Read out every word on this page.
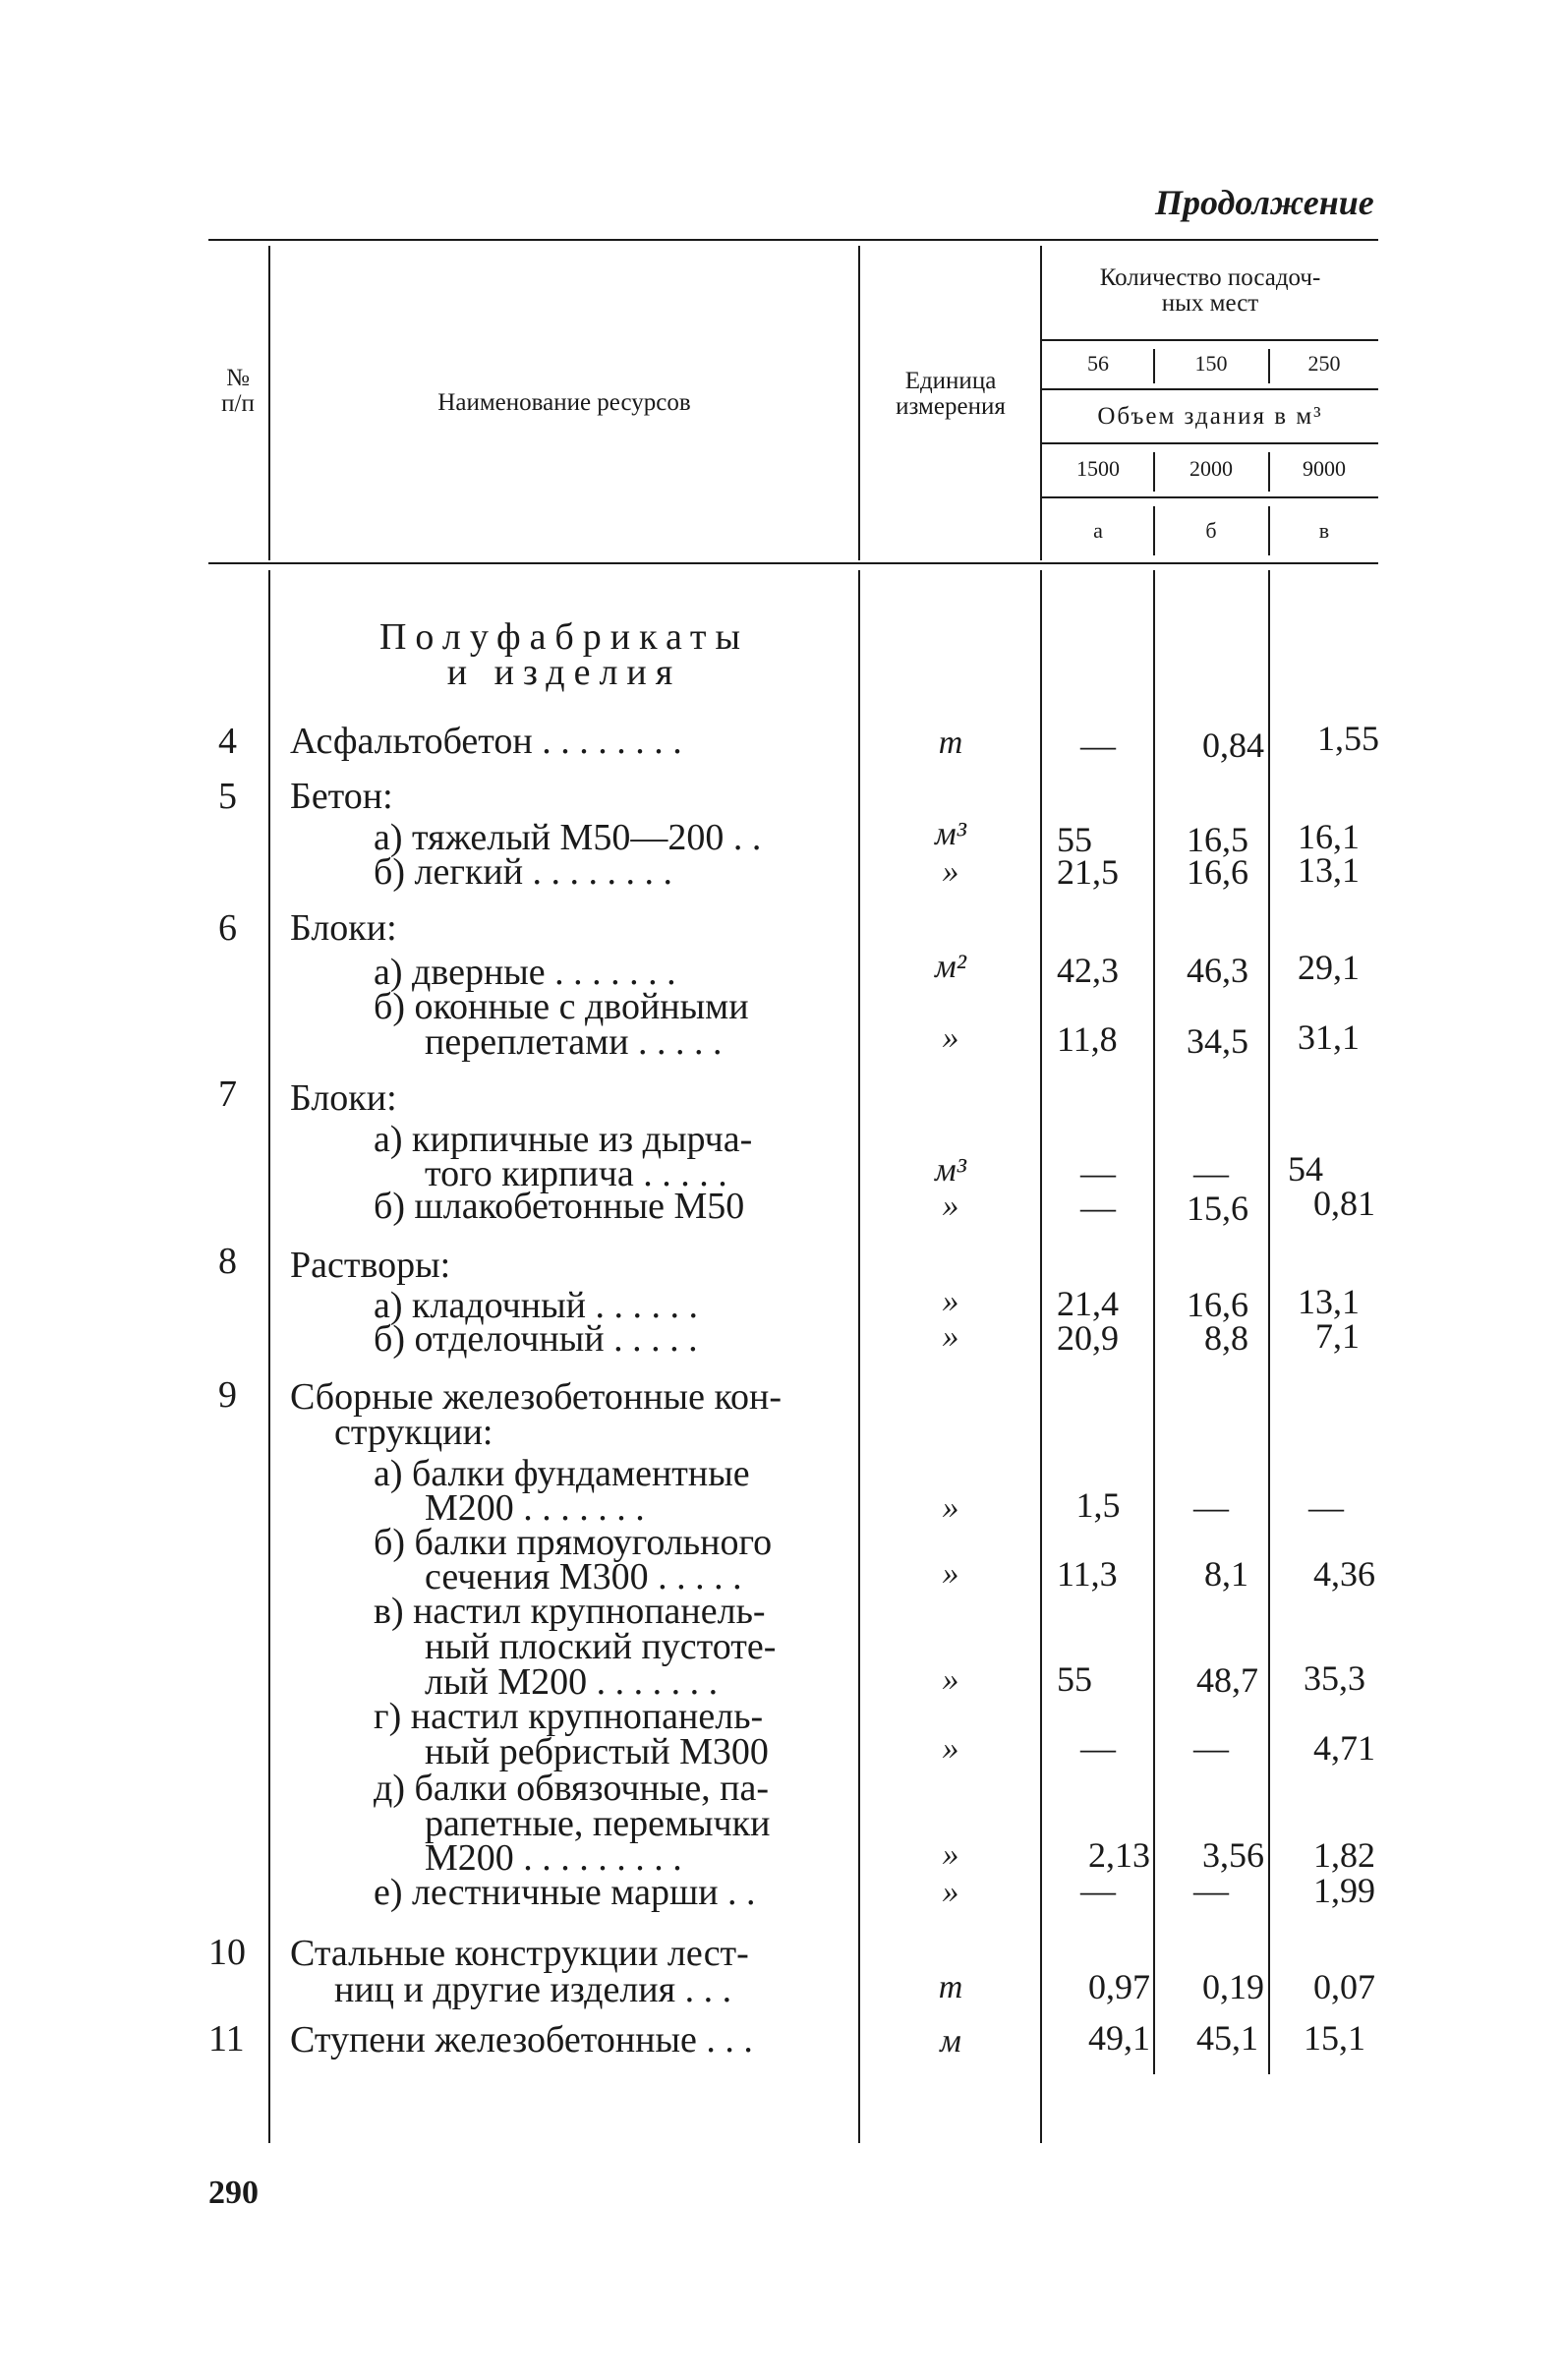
Продолжение
№
п/п	Наименование ресурсов
Единица
измерения
Количество посадоч-
ных мест
56	150	250
Объем здания в м³
1500	2000	9000
а	б	в
Полуфабрикаты
и изделия
4 Асфальтобетон . . . . . . . .	т	—	0,84	1,55
5 Бетон:
а) тяжелый М50—200 . .	м³	55	16,5	16,1
б) легкий . . . . . . . .	»	21,5	16,6	13,1
6 Блоки:
а) дверные . . . . . . .	м²	42,3	46,3	29,1
б) оконные с двойными
переплетами . . . . .	»	11,8	34,5	31,1
7 Блоки:
а) кирпичные из дырча-
того кирпича . . . . .	м³	—	—	54
б) шлакобетонные М50	»	—	15,6	0,81
8 Растворы:
а) кладочный . . . . . .	»	21,4	16,6	13,1
б) отделочный . . . . .	»	20,9	8,8	7,1
9 Сборные железобетонные кон-
струкции:
а) балки фундаментные
М200 . . . . . . .	»	1,5	—	—
б) балки прямоугольного
сечения М300 . . . . .	»	11,3	8,1	4,36
в) настил крупнопанель-
ный плоский пустоте-
лый М200 . . . . . . .	»	55	48,7	35,3
г) настил крупнопанель-
ный ребристый М300	»	—	—	4,71
д) балки обвязочные, па-
рапетные, перемычки
М200 . . . . . . . . .	»	2,13	3,56	1,82
е) лестничные марши . .	»	—	—	1,99
10 Стальные конструкции лест-
ниц и другие изделия . . .	т	0,97	0,19	0,07
11 Ступени железобетонные . . .	м	49,1	45,1	15,1
290
